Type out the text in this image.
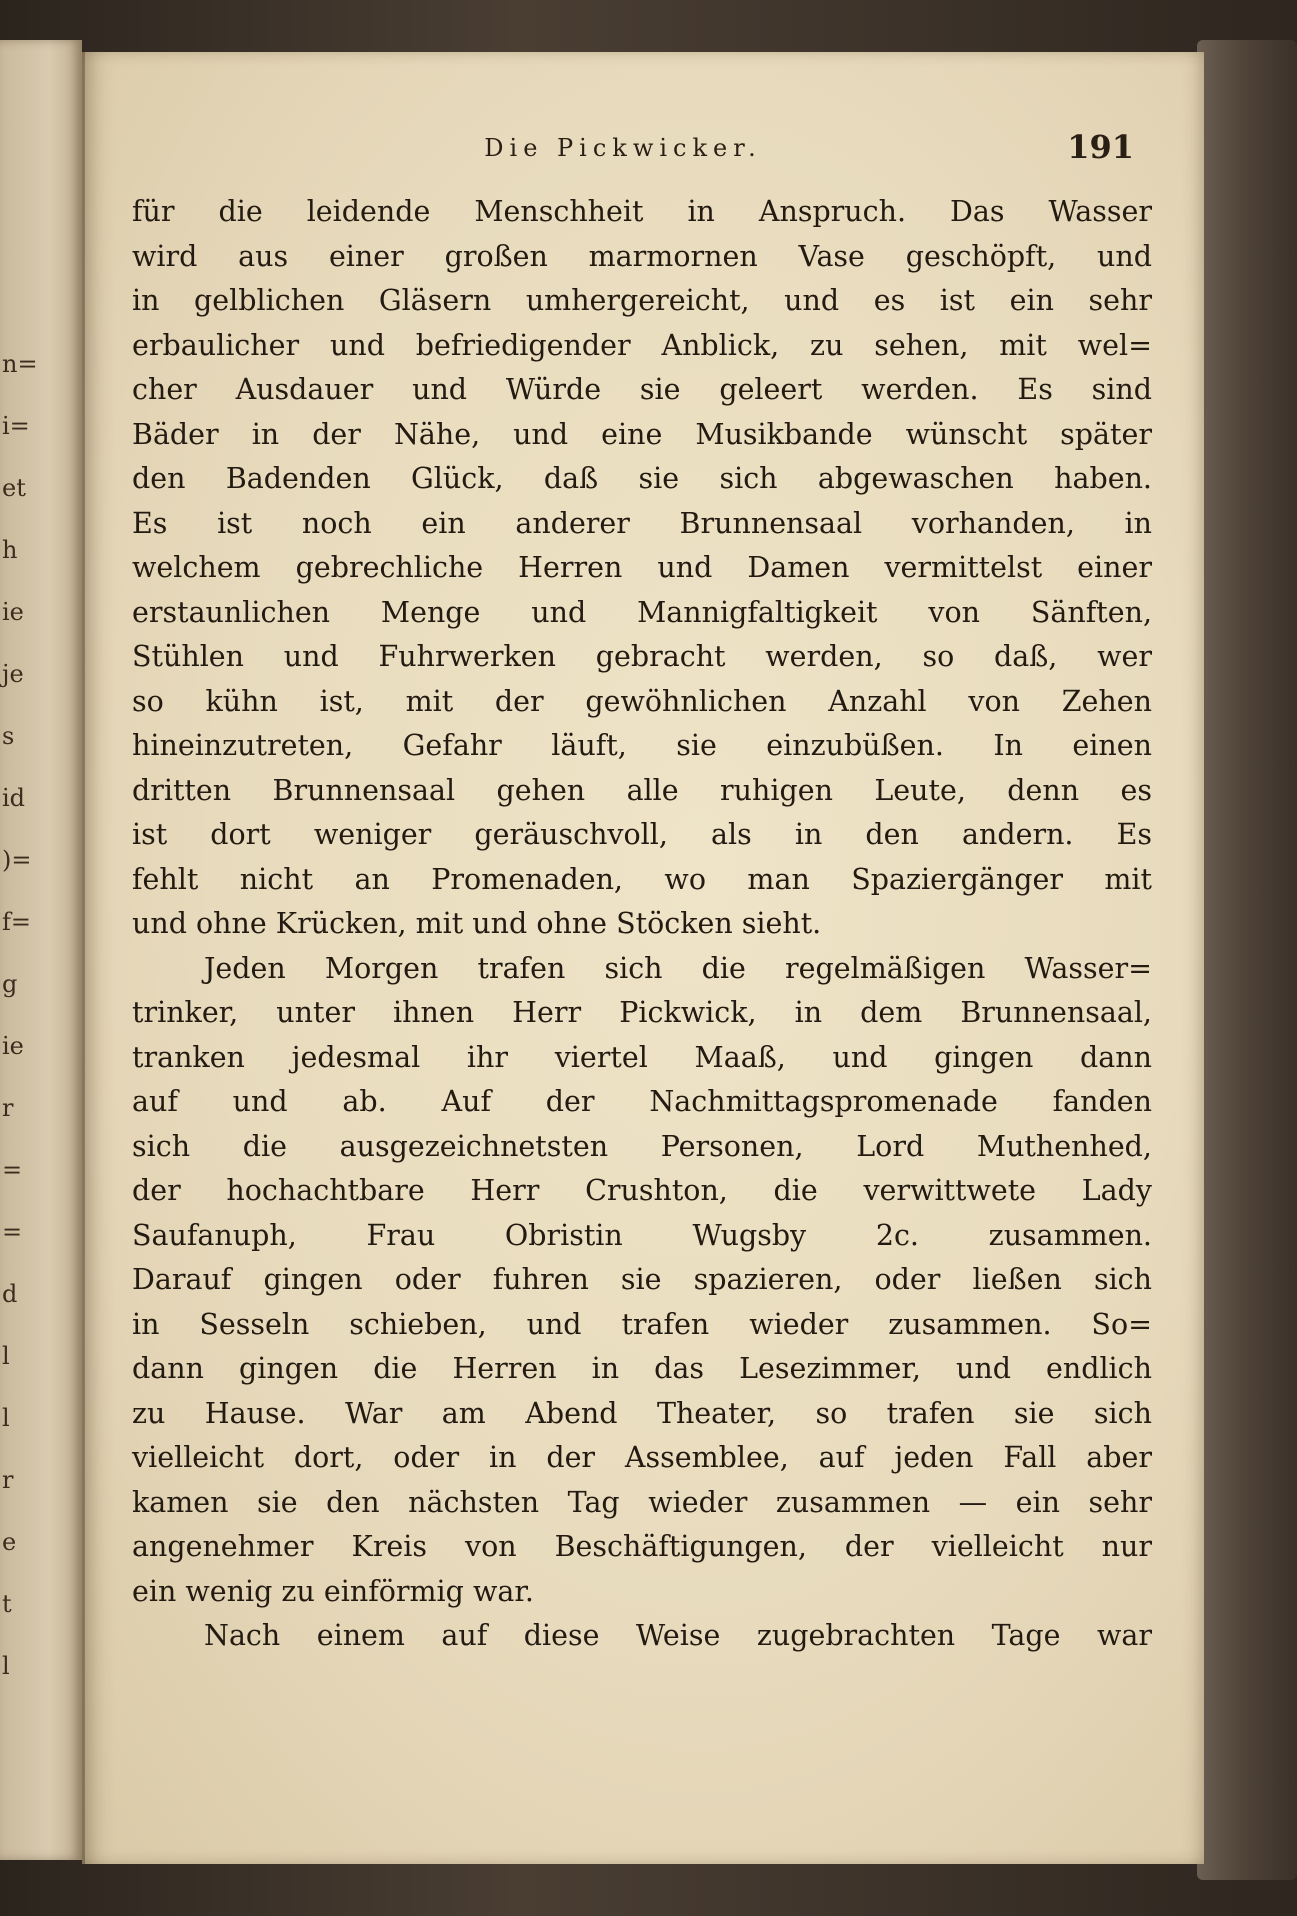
n=
i=
et
h
ie
je
s
id
)=
f=
g
ie
r
=
=
d
l
l
r
e
t
l
Die Pickwicker.	191
für die leidende Menschheit in Anspruch. Das Wasser
wird aus einer großen marmornen Vase geschöpft, und
in gelblichen Gläsern umhergereicht, und es ist ein sehr
erbaulicher und befriedigender Anblick, zu sehen, mit wel=
cher Ausdauer und Würde sie geleert werden. Es sind
Bäder in der Nähe, und eine Musikbande wünscht später
den Badenden Glück, daß sie sich abgewaschen haben.
Es ist noch ein anderer Brunnensaal vorhanden, in
welchem gebrechliche Herren und Damen vermittelst einer
erstaunlichen Menge und Mannigfaltigkeit von Sänften,
Stühlen und Fuhrwerken gebracht werden, so daß, wer
so kühn ist, mit der gewöhnlichen Anzahl von Zehen
hineinzutreten, Gefahr läuft, sie einzubüßen. In einen
dritten Brunnensaal gehen alle ruhigen Leute, denn es
ist dort weniger geräuschvoll, als in den andern. Es
fehlt nicht an Promenaden, wo man Spaziergänger mit
und ohne Krücken, mit und ohne Stöcken sieht.
Jeden Morgen trafen sich die regelmäßigen Wasser=
trinker, unter ihnen Herr Pickwick, in dem Brunnensaal,
tranken jedesmal ihr viertel Maaß, und gingen dann
auf und ab. Auf der Nachmittagspromenade fanden
sich die ausgezeichnetsten Personen, Lord Muthenhed,
der hochachtbare Herr Crushton, die verwittwete Lady
Saufanuph, Frau Obristin Wugsby 2c. zusammen.
Darauf gingen oder fuhren sie spazieren, oder ließen sich
in Sesseln schieben, und trafen wieder zusammen. So=
dann gingen die Herren in das Lesezimmer, und endlich
zu Hause. War am Abend Theater, so trafen sie sich
vielleicht dort, oder in der Assemblee, auf jeden Fall aber
kamen sie den nächsten Tag wieder zusammen — ein sehr
angenehmer Kreis von Beschäftigungen, der vielleicht nur
ein wenig zu einförmig war.
Nach einem auf diese Weise zugebrachten Tage war
